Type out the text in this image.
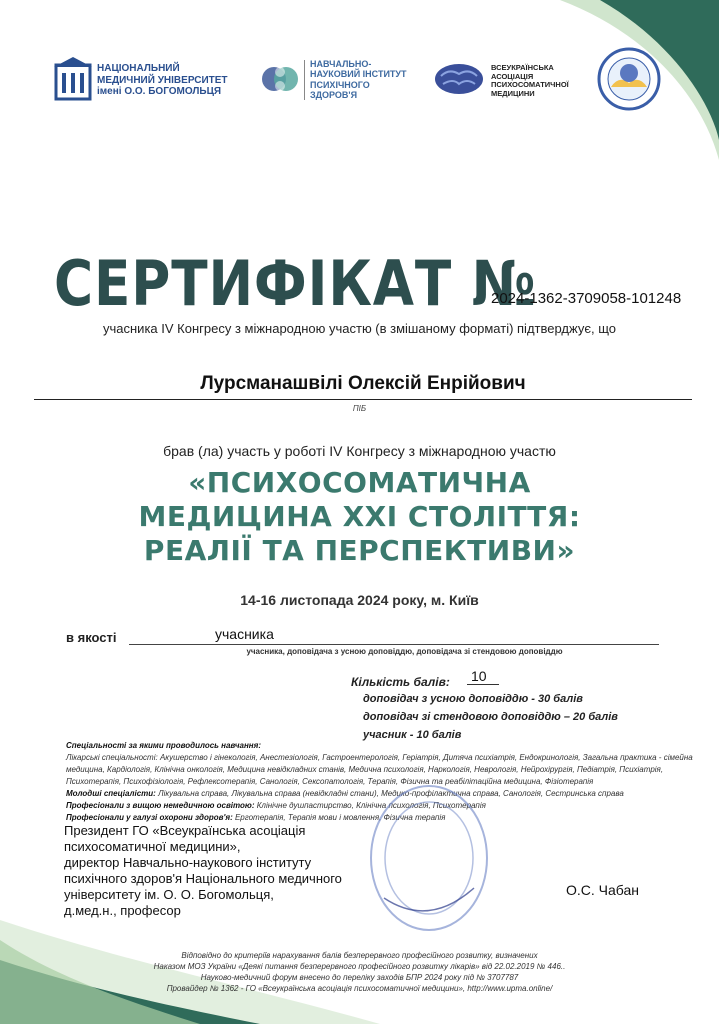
НАЦІОНАЛЬНИЙ
МЕДИЧНИЙ УНІВЕРСИТЕТ
імені О.О. БОГОМОЛЬЦЯ
НАВЧАЛЬНО-
НАУКОВИЙ ІНСТИТУТ
ПСИХІЧНОГО
ЗДОРОВ'Я
ВСЕУКРАЇНСЬКА
АСОЦІАЦІЯ
ПСИХОСОМАТИЧНОЇ
МЕДИЦИНИ
СЕРТИФІКАТ №
2024-1362-3709058-101248
учасника IV Конгресу з міжнародною участю (в змішаному форматі) підтверджує, що
Лурсманашвілі Олексій Енрійович
ПІБ
брав (ла) участь у роботі IV Конгресу з міжнародною участю
«ПСИХОСОМАТИЧНА
МЕДИЦИНА XXI СТОЛІТТЯ:
РЕАЛІЇ ТА ПЕРСПЕКТИВИ»
14-16 листопада 2024 року, м. Київ
в якості	учасника
учасника, доповідача з усною доповіддю, доповідача зі стендовою доповіддю
Кількість балів: 10
доповідач з усною доповіддю - 30 балів
доповідач зі стендовою доповіддю – 20 балів
учасник - 10 балів
Спеціальності за якими проводилось навчання:
Лікарські спеціальності: Акушерство і гінекологія, Анестезіологія, Гастроентерологія, Геріатрія, Дитяча психіатрія, Ендокринологія, Загальна практика - сімейна медицина, Кардіологія, Клінічна онкологія, Медицина невідкладних станів, Медична психологія, Наркологія, Неврологія, Нейрохірургія, Педіатрія, Психіатрія, Психотерапія, Психофізіологія, Рефлексотерапія, Санологія, Сексопатологія, Терапія, Фізична та реабілітаційна медицина, Фізіотерапія
Молодші спеціалісти: Лікувальна справа, Лікувальна справа (невідкладні стани), Медико-профілактична справа, Санологія, Сестринська справа
Професіонали з вищою немедичною освітою: Клінічне душпастирство, Клінічна психологія, Психотерапія
Професіонали у галузі охорони здоров'я: Ерготерапія, Терапія мови і мовлення, Фізична терапія
Президент ГО «Всеукраїнська асоціація
психосоматичної медицини»,
директор Навчально-наукового інституту
психічного здоров'я Національного медичного
університету ім. О. О. Богомольця,
д.мед.н., професор
О.С. Чабан
Відповідно до критеріїв нарахування балів безперервного професійного розвитку, визначених
Наказом МОЗ України «Деякі питання безперервного професійного розвитку лікарів» від 22.02.2019 № 446..
Науково-медичний форум внесено до переліку заходів БПР 2024 року під № 3707787
Провайдер № 1362 - ГО «Всеукраїнська асоціація психосоматичної медицини», http://www.upma.online/
